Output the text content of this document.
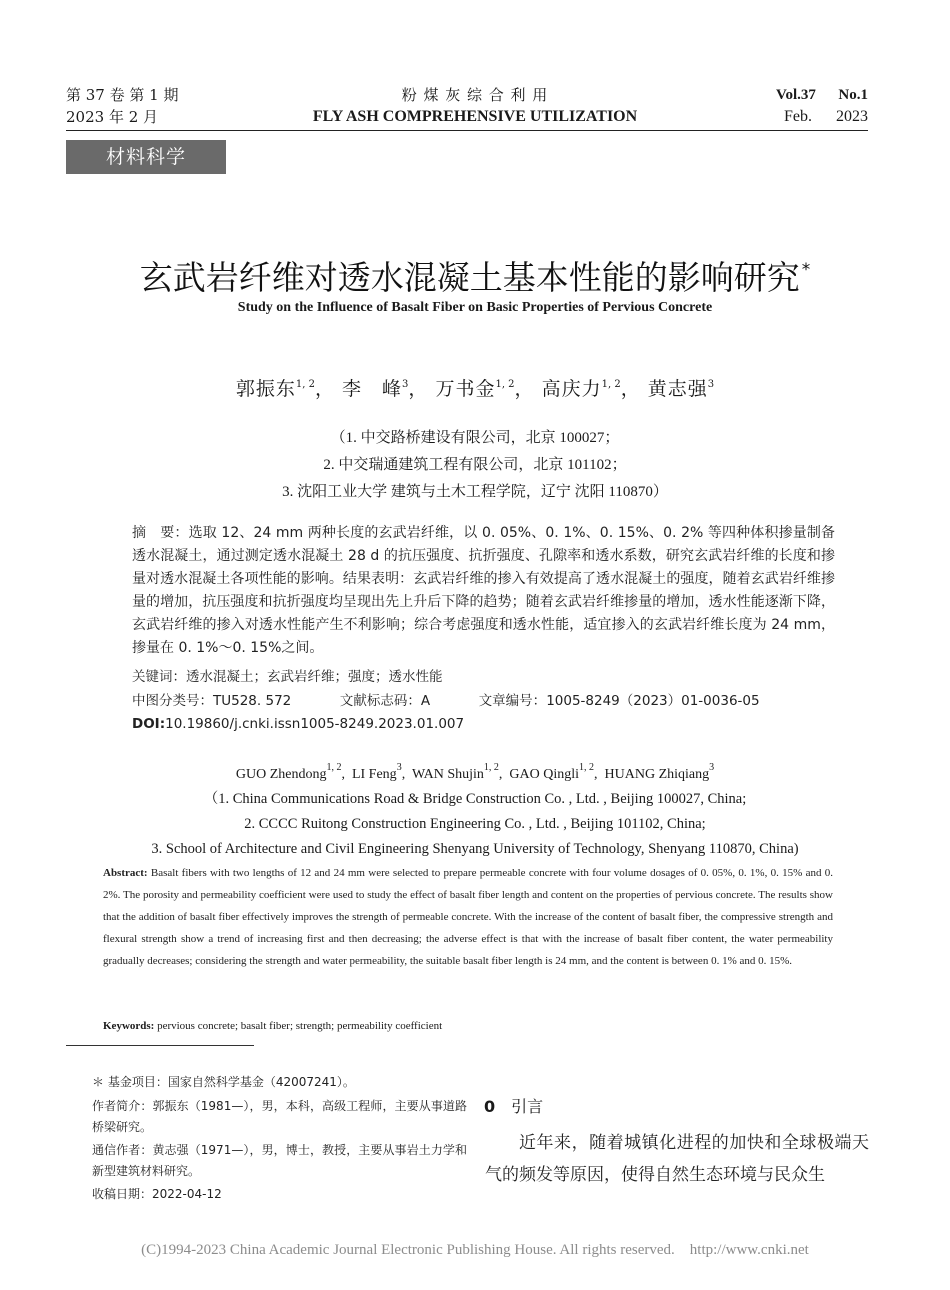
第 37 卷 第 1 期
2023 年 2 月
粉 煤 灰 综 合 利 用
FLY ASH COMPREHENSIVE UTILIZATION
Vol.37      No.1
Feb.      2023
材料科学
玄武岩纤维对透水混凝土基本性能的影响研究 *
Study on the Influence of Basalt Fiber on Basic Properties of Pervious Concrete
郭振东$^{1, 2}$， 李　峰$^3$， 万书金$^{1, 2}$， 高庆力$^{1, 2}$， 黄志强$^3$
（1. 中交路桥建设有限公司，北京 100027；
2. 中交瑞通建筑工程有限公司，北京 101102；
3. 沈阳工业大学 建筑与土木工程学院，辽宁 沈阳 110870）
摘　要：选取 12、24 mm 两种长度的玄武岩纤维，以 0. 05%、0. 1%、0. 15%、0. 2% 等四种体积掺量制备透水混凝土，通过测定透水混凝土 28 d 的抗压强度、抗折强度、孔隙率和透水系数，研究玄武岩纤维的长度和掺量对透水混凝土各项性能的影响。结果表明：玄武岩纤维的掺入有效提高了透水混凝土的强度，随着玄武岩纤维掺量的增加，抗压强度和抗折强度均呈现出先上升后下降的趋势；随着玄武岩纤维掺量的增加，透水性能逐渐下降，玄武岩纤维的掺入对透水性能产生不利影响；综合考虑强度和透水性能，适宜掺入的玄武岩纤维长度为 24 mm，掺量在 0. 1%～0. 15%之间。
关键词：透水混凝土；玄武岩纤维；强度；透水性能
中图分类号：TU528. 572	文献标志码：A	文章编号：1005-8249（2023）01-0036-05
DOI:10.19860/j.cnki.issn1005-8249.2023.01.007
GUO Zhendong$^{1, 2}$,  LI Feng$^3$,  WAN Shujin$^{1, 2}$,  GAO Qingli$^{1, 2}$,  HUANG Zhiqiang$^3$
（1. China Communications Road & Bridge Construction Co. , Ltd. , Beijing 100027, China;
2. CCCC Ruitong Construction Engineering Co. , Ltd. , Beijing 101102, China;
3. School of Architecture and Civil Engineering Shenyang University of Technology, Shenyang 110870, China)
Abstract: Basalt fibers with two lengths of 12 and 24 mm were selected to prepare permeable concrete with four volume dosages of 0. 05%, 0. 1%, 0. 15% and 0. 2%. The porosity and permeability coefficient were used to study the effect of basalt fiber length and content on the properties of pervious concrete. The results show that the addition of basalt fiber effectively improves the strength of permeable concrete. With the increase of the content of basalt fiber, the compressive strength and flexural strength show a trend of increasing first and then decreasing; the adverse effect is that with the increase of basalt fiber content, the water permeability gradually decreases; considering the strength and water permeability, the suitable basalt fiber length is 24 mm, and the content is between 0. 1% and 0. 15%.
Keywords: pervious concrete; basalt fiber; strength; permeability coefficient
＊ 基金项目：国家自然科学基金（42007241）。
作者简介：郭振东（1981—），男，本科，高级工程师，主要从事道路桥梁研究。
通信作者：黄志强（1971—），男，博士，教授，主要从事岩土力学和新型建筑材料研究。
收稿日期：2022-04-12
0 引言
近年来，随着城镇化进程的加快和全球极端天气的频发等原因，使得自然生态环境与民众生
(C)1994-2023 China Academic Journal Electronic Publishing House. All rights reserved.    http://www.cnki.net
